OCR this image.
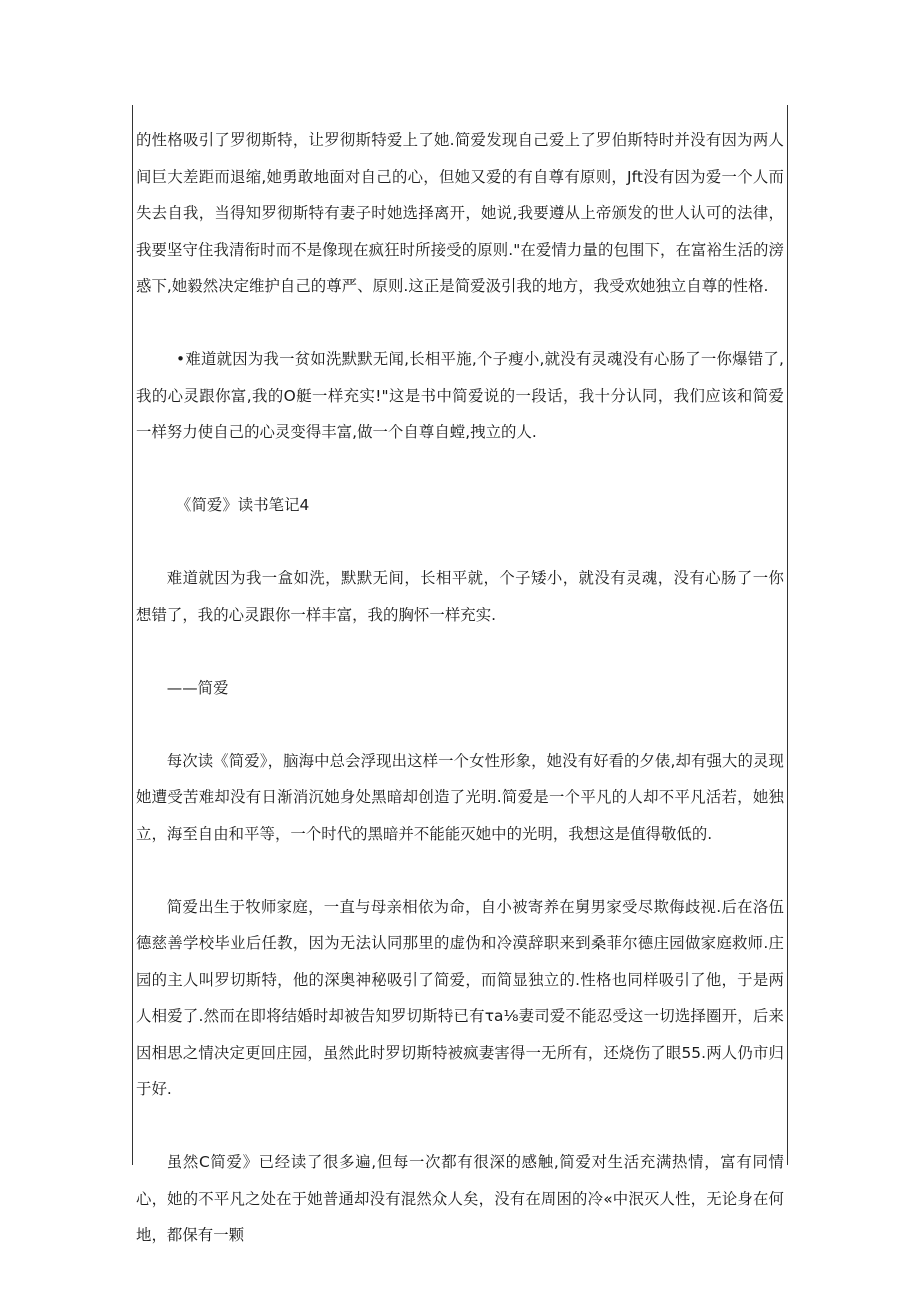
的性格吸引了罗彻斯特，让罗彻斯特爱上了她.简爱发现自己爱上了罗伯斯特时并没有因为两人间巨大差距而退缩,她勇敢地面对自己的心，但她又爱的有自尊有原则，Jft没有因为爱一个人而失去自我，当得知罗彻斯特有妻子时她选择离开，她说,我要遵从上帝颁发的世人认可的法律，我要坚守住我清衔时而不是像现在疯狂时所接受的原则."在爱情力量的包围下，在富裕生活的滂惑下,她毅然决定维护自己的尊严、原则.这正是简爱汲引我的地方，我受欢她独立自尊的性格.

•难道就因为我一贫如洗默默无闻,长相平施,个子瘦小,就没有灵魂没有心肠了一你爆错了,我的心灵跟你富,我的O艇一样充实!"这是书中简爱说的一段话，我十分认同，我们应该和简爱一样努力使自己的心灵变得丰富,做一个自尊自螳,拽立的人.

《简爱》读书笔记4

难道就因为我一盒如洗，默默无间，长相平就，个子矮小，就没有灵魂，没有心肠了一你想错了，我的心灵跟你一样丰富，我的胸怀一样充实.

——简爱

每次读《简爱》，脑海中总会浮现出这样一个女性形象，她没有好看的夕俵,却有强大的灵现她遭受苦难却没有日渐消沉她身处黑暗却创造了光明.简爱是一个平凡的人却不平凡活若，她独立，海至自由和平等，一个时代的黑暗并不能能灭她中的光明，我想这是值得敬低的.

简爱出生于牧师家庭，一直与母亲相依为命，自小被寄养在舅男家受尽欺侮歧视.后在洛伍德慈善学校毕业后任教，因为无法认同那里的虚伪和冷漠辞职来到桑菲尔德庄园做家庭救师.庄园的主人叫罗切斯特，他的深奥神秘吸引了简爱，而简显独立的.性格也同样吸引了他，于是两人相爱了.然而在即将结婚时却被告知罗切斯特已有τa⅛妻司爱不能忍受这一切选择圈开，后来因相思之情决定更回庄园，虽然此时罗切斯特被疯妻害得一无所有，还烧伤了眼55.两人仍市归于好.

虽然C简爱》已经读了很多遍,但每一次都有很深的感触,简爱对生活充满热情，富有同情心，她的不平凡之处在于她普通却没有混然众人矣，没有在周困的冷«中泯灭人性，无论身在何地，都保有一颗
